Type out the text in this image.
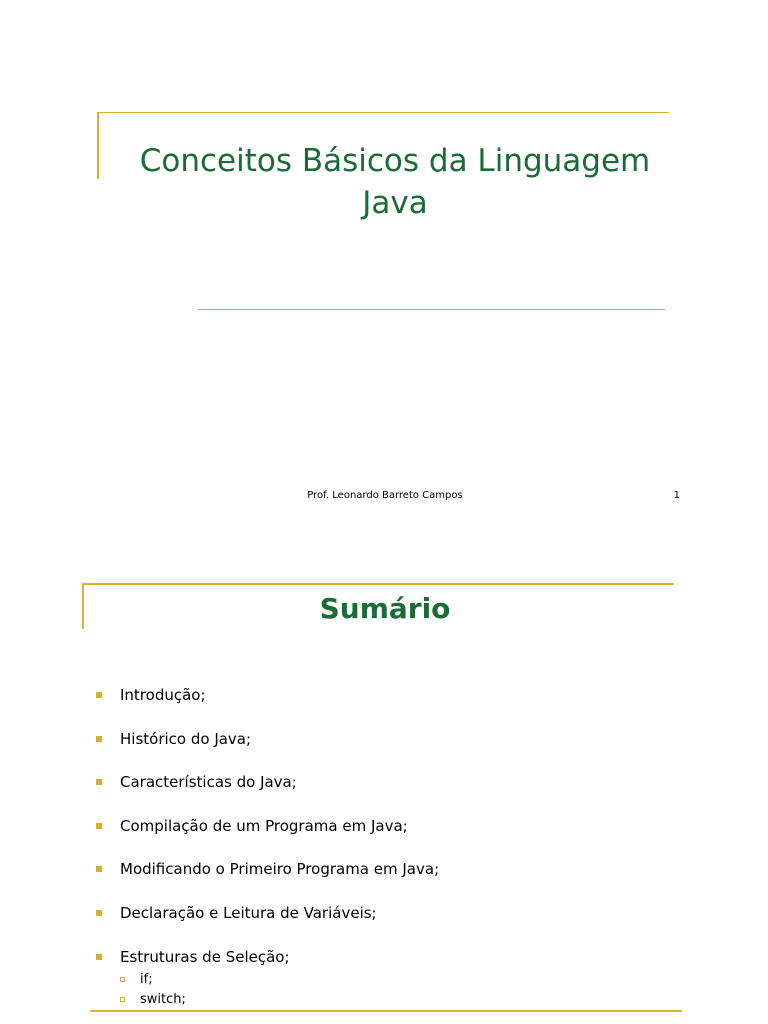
Conceitos Básicos da Linguagem
Java
Prof. Leonardo Barreto Campos	1
Sumário
Introdução;
Histórico do Java;
Características do Java;
Compilação de um Programa em Java;
Modificando o Primeiro Programa em Java;
Declaração e Leitura de Variáveis;
Estruturas de Seleção;
if;
switch;
